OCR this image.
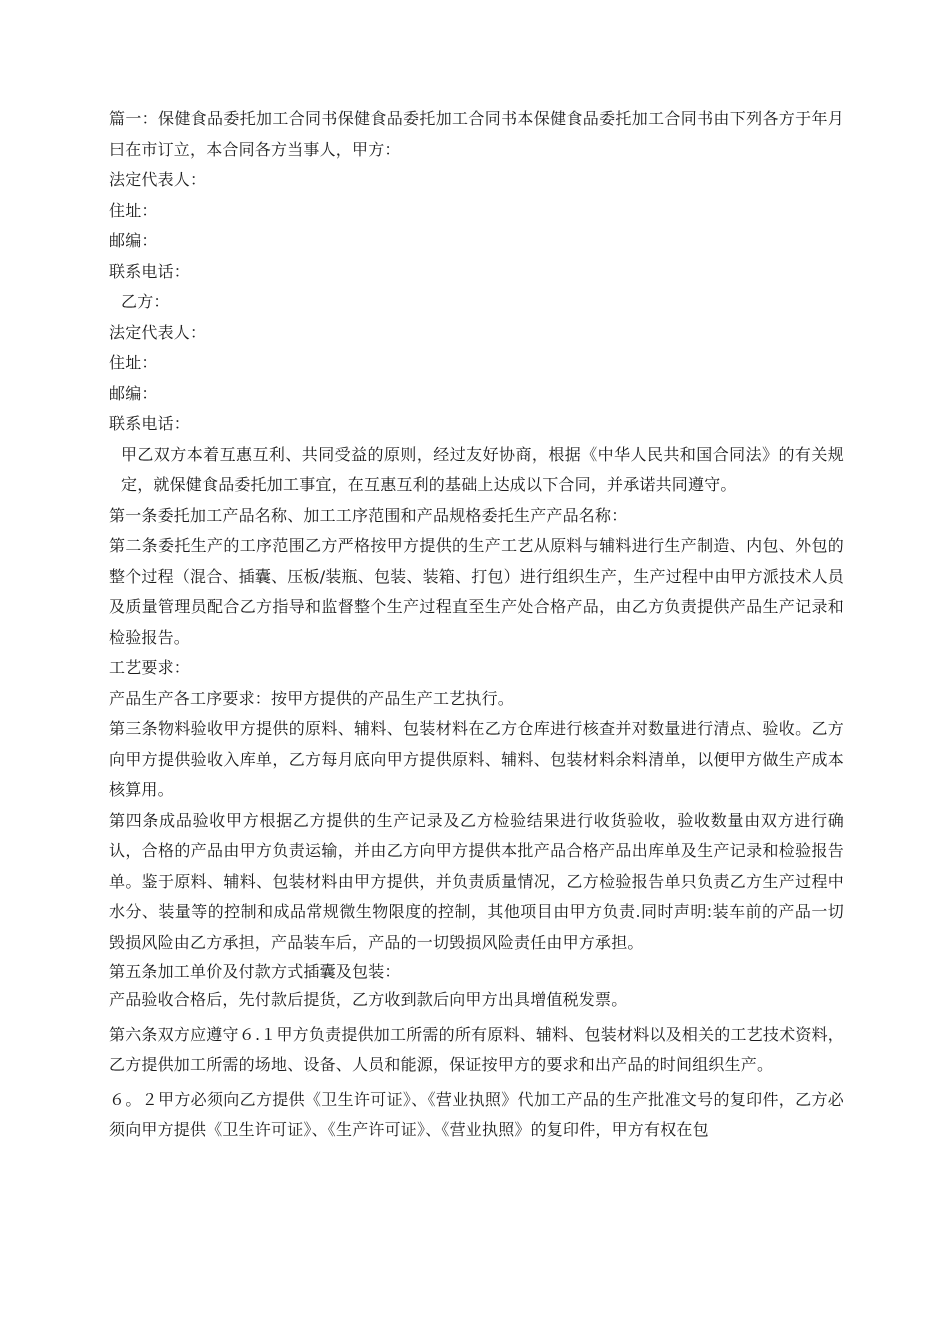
篇一：保健食品委托加工合同书保健食品委托加工合同书本保健食品委托加工合同书由下列各方于年月曰在市订立，本合同各方当事人，甲方：

法定代表人：

住址：

邮编：

联系电话：

乙方：

法定代表人：

住址：

邮编：

联系电话：

甲乙双方本着互惠互利、共同受益的原则，经过友好协商，根据《中华人民共和国合同法》的有关规定，就保健食品委托加工事宜，在互惠互利的基础上达成以下合同，并承诺共同遵守。

第一条委托加工产品名称、加工工序范围和产品规格委托生产产品名称：

第二条委托生产的工序范围乙方严格按甲方提供的生产工艺从原料与辅料进行生产制造、内包、外包的整个过程（混合、插囊、压板/装瓶、包装、装箱、打包）进行组织生产，生产过程中由甲方派技术人员及质量管理员配合乙方指导和监督整个生产过程直至生产处合格产品，由乙方负责提供产品生产记录和检验报告。

工艺要求：

产品生产各工序要求：按甲方提供的产品生产工艺执行。

第三条物料验收甲方提供的原料、辅料、包装材料在乙方仓库进行核查并对数量进行清点、验收。乙方向甲方提供验收入库单，乙方每月底向甲方提供原料、辅料、包装材料余料清单，以便甲方做生产成本核算用。

第四条成品验收甲方根据乙方提供的生产记录及乙方检验结果进行收货验收，验收数量由双方进行确认，合格的产品由甲方负责运输，并由乙方向甲方提供本批产品合格产品出库单及生产记录和检验报告单。鉴于原料、辅料、包装材料由甲方提供，并负责质量情况，乙方检验报告单只负责乙方生产过程中水分、装量等的控制和成品常规微生物限度的控制，其他项目由甲方负责.同时声明:装车前的产品一切毁损风险由乙方承担，产品装车后，产品的一切毁损风险责任由甲方承担。

第五条加工单价及付款方式插囊及包装：

产品验收合格后，先付款后提货，乙方收到款后向甲方出具增值税发票。

第六条双方应遵守６.１甲方负责提供加工所需的所有原料、辅料、包装材料以及相关的工艺技术资料，乙方提供加工所需的场地、设备、人员和能源，保证按甲方的要求和出产品的时间组织生产。

６。２甲方必须向乙方提供《卫生许可证》、《营业执照》代加工产品的生产批准文号的复印件，乙方必须向甲方提供《卫生许可证》、《生产许可证》、《营业执照》的复印件，甲方有权在包
